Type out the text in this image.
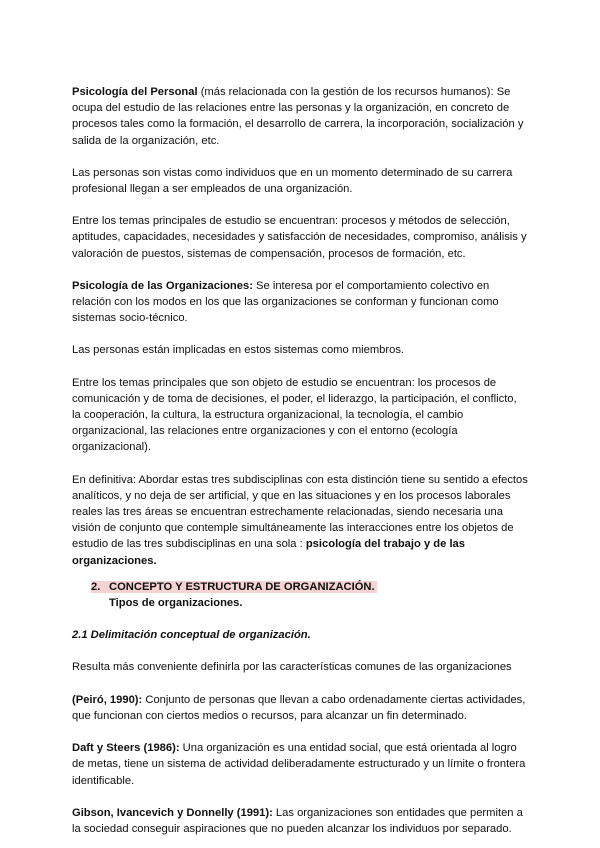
Psicología del Personal (más relacionada con la gestión de los recursos humanos): Se ocupa del estudio de las relaciones entre las personas y la organización, en concreto de procesos tales como la formación, el desarrollo de carrera, la incorporación, socialización y salida de la organización, etc.

Las personas son vistas como individuos que en un momento determinado de su carrera profesional llegan a ser empleados de una organización.

Entre los temas principales de estudio se encuentran: procesos y métodos de selección, aptitudes, capacidades, necesidades y satisfacción de necesidades, compromiso, análisis y valoración de puestos, sistemas de compensación, procesos de formación, etc.

Psicología de las Organizaciones: Se interesa por el comportamiento colectivo en relación con los modos en los que las organizaciones se conforman y funcionan como sistemas socio-técnico.

Las personas están implicadas en estos sistemas como miembros.

Entre los temas principales que son objeto de estudio se encuentran: los procesos de comunicación y de toma de decisiones, el poder, el liderazgo, la participación, el conflicto, la cooperación, la cultura, la estructura organizacional, la tecnología, el cambio organizacional, las relaciones entre organizaciones y con el entorno (ecología organizacional).

En definitiva: Abordar estas tres subdisciplinas con esta distinción tiene su sentido a efectos analíticos, y no deja de ser artificial, y que en las situaciones y en los procesos laborales reales las tres áreas se encuentran estrechamente relacionadas, siendo necesaria una visión de conjunto que contemple simultáneamente las interacciones entre los objetos de estudio de las tres subdisciplinas en una sola : psicología del trabajo y de las organizaciones.

2. CONCEPTO Y ESTRUCTURA DE ORGANIZACIÓN.
Tipos de organizaciones.

2.1 Delimitación conceptual de organización.

Resulta más conveniente definirla por las características comunes de las organizaciones

(Peiró, 1990): Conjunto de personas que llevan a cabo ordenadamente ciertas actividades, que funcionan con ciertos medios o recursos, para alcanzar un fin determinado.

Daft y Steers (1986): Una organización es una entidad social, que está orientada al logro de metas, tiene un sistema de actividad deliberadamente estructurado y un límite o frontera identificable.

Gibson, Ivancevich y Donnelly (1991): Las organizaciones son entidades que permiten a la sociedad conseguir aspiraciones que no pueden alcanzar los individuos por separado.
